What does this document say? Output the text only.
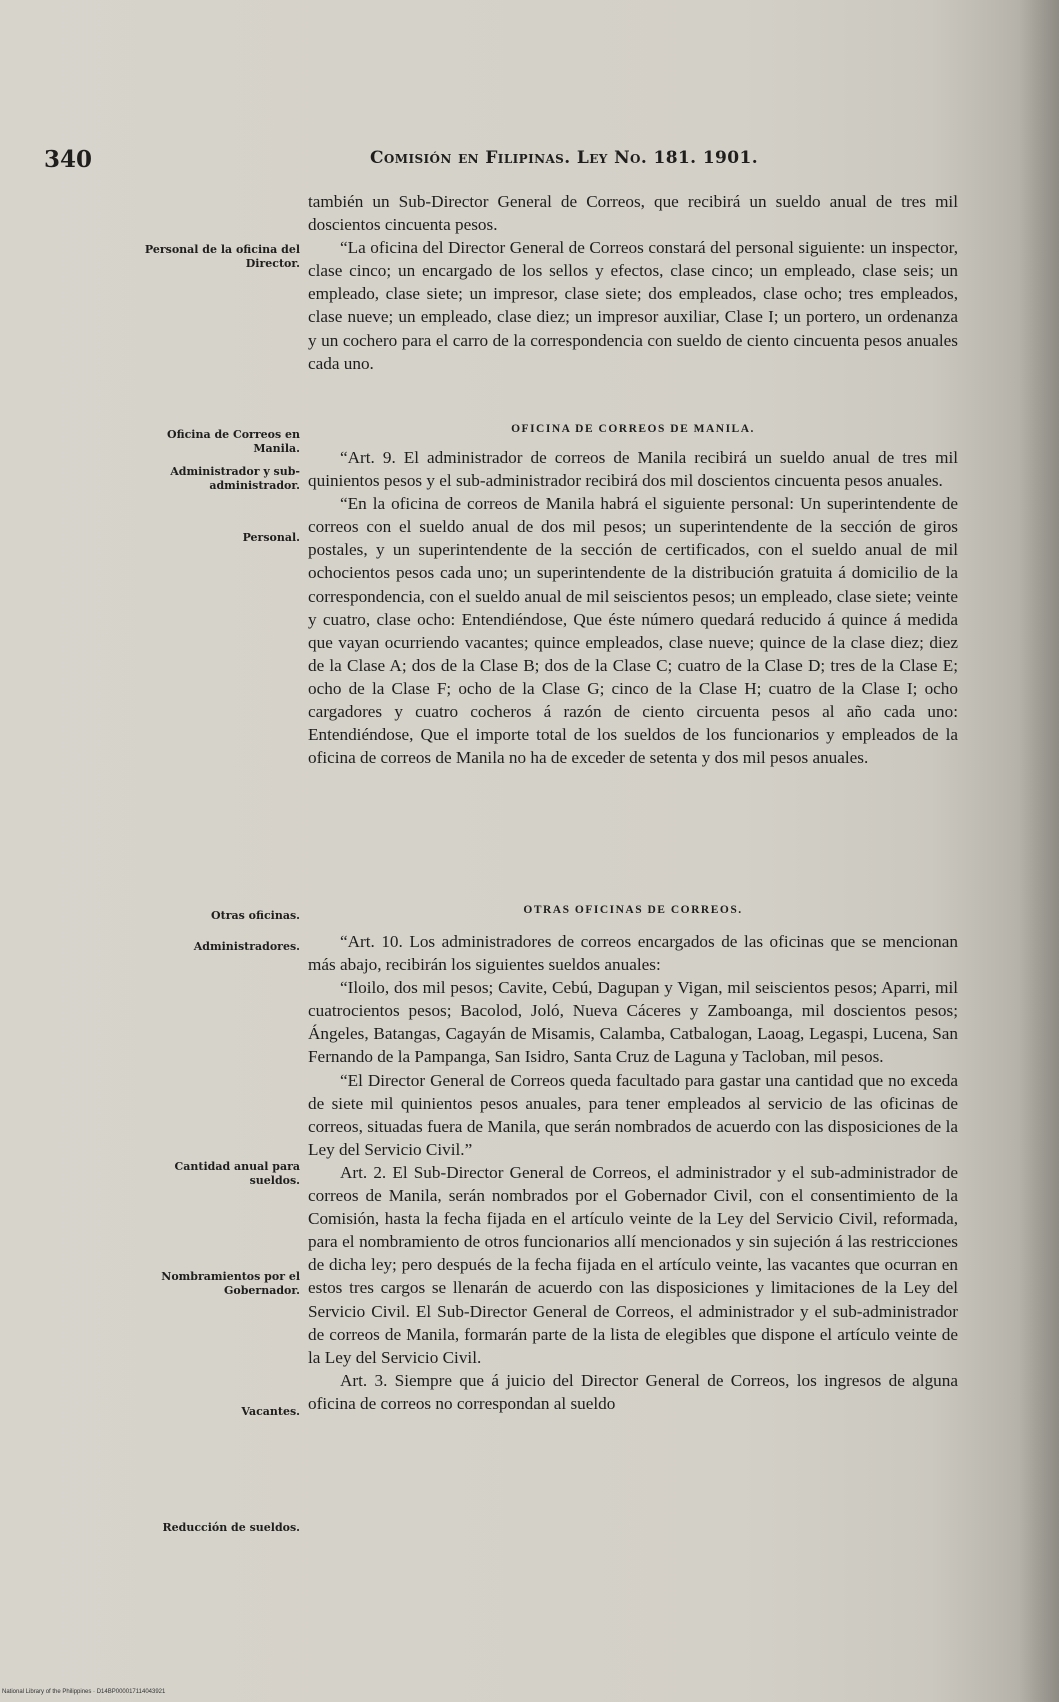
340	Comisión en Filipinas. Ley No. 181. 1901.
Personal de la oficina del Director.
Oficina de Correos en Manila.
Administrador y sub-administrador.
Personal.
Otras oficinas.
Administradores.
Cantidad anual para sueldos.
Nombramientos por el Gobernador.
Vacantes.
Reducción de sueldos.

también un Sub-Director General de Correos, que recibirá un sueldo anual de tres mil doscientos cincuenta pesos.

“La oficina del Director General de Correos constará del personal siguiente: un inspector, clase cinco; un encargado de los sellos y efectos, clase cinco; un empleado, clase seis; un empleado, clase siete; un impresor, clase siete; dos empleados, clase ocho; tres empleados, clase nueve; un empleado, clase diez; un impresor auxiliar, Clase I; un portero, un ordenanza y un cochero para el carro de la correspondencia con sueldo de ciento cincuenta pesos anuales cada uno.

OFICINA DE CORREOS DE MANILA.

“Art. 9. El administrador de correos de Manila recibirá un sueldo anual de tres mil quinientos pesos y el sub-administrador recibirá dos mil doscientos cincuenta pesos anuales.

“En la oficina de correos de Manila habrá el siguiente personal: Un superintendente de correos con el sueldo anual de dos mil pesos; un superintendente de la sección de giros postales, y un superintendente de la sección de certificados, con el sueldo anual de mil ochocientos pesos cada uno; un superintendente de la distribución gratuita á domicilio de la correspondencia, con el sueldo anual de mil seiscientos pesos; un empleado, clase siete; veinte y cuatro, clase ocho: Entendiéndose, Que éste número quedará reducido á quince á medida que vayan ocurriendo vacantes; quince empleados, clase nueve; quince de la clase diez; diez de la Clase A; dos de la Clase B; dos de la Clase C; cuatro de la Clase D; tres de la Clase E; ocho de la Clase F; ocho de la Clase G; cinco de la Clase H; cuatro de la Clase I; ocho cargadores y cuatro cocheros á razón de ciento circuenta pesos al año cada uno: Entendiéndose, Que el importe total de los sueldos de los funcionarios y empleados de la oficina de correos de Manila no ha de exceder de setenta y dos mil pesos anuales.

OTRAS OFICINAS DE CORREOS.

“Art. 10. Los administradores de correos encargados de las oficinas que se mencionan más abajo, recibirán los siguientes sueldos anuales:

“Iloilo, dos mil pesos; Cavite, Cebú, Dagupan y Vigan, mil seiscientos pesos; Aparri, mil cuatrocientos pesos; Bacolod, Joló, Nueva Cáceres y Zamboanga, mil doscientos pesos; Ángeles, Batangas, Cagayán de Misamis, Calamba, Catbalogan, Laoag, Legaspi, Lucena, San Fernando de la Pampanga, San Isidro, Santa Cruz de Laguna y Tacloban, mil pesos.

“El Director General de Correos queda facultado para gastar una cantidad que no exceda de siete mil quinientos pesos anuales, para tener empleados al servicio de las oficinas de correos, situadas fuera de Manila, que serán nombrados de acuerdo con las disposiciones de la Ley del Servicio Civil.”

Art. 2. El Sub-Director General de Correos, el administrador y el sub-administrador de correos de Manila, serán nombrados por el Gobernador Civil, con el consentimiento de la Comisión, hasta la fecha fijada en el artículo veinte de la Ley del Servicio Civil, reformada, para el nombramiento de otros funcionarios allí mencionados y sin sujeción á las restricciones de dicha ley; pero después de la fecha fijada en el artículo veinte, las vacantes que ocurran en estos tres cargos se llenarán de acuerdo con las disposiciones y limitaciones de la Ley del Servicio Civil. El Sub-Director General de Correos, el administrador y el sub-administrador de correos de Manila, formarán parte de la lista de elegibles que dispone el artículo veinte de la Ley del Servicio Civil.

Art. 3. Siempre que á juicio del Director General de Correos, los ingresos de alguna oficina de correos no correspondan al sueldo

National Library of the Philippines · D14BP000017114043921
